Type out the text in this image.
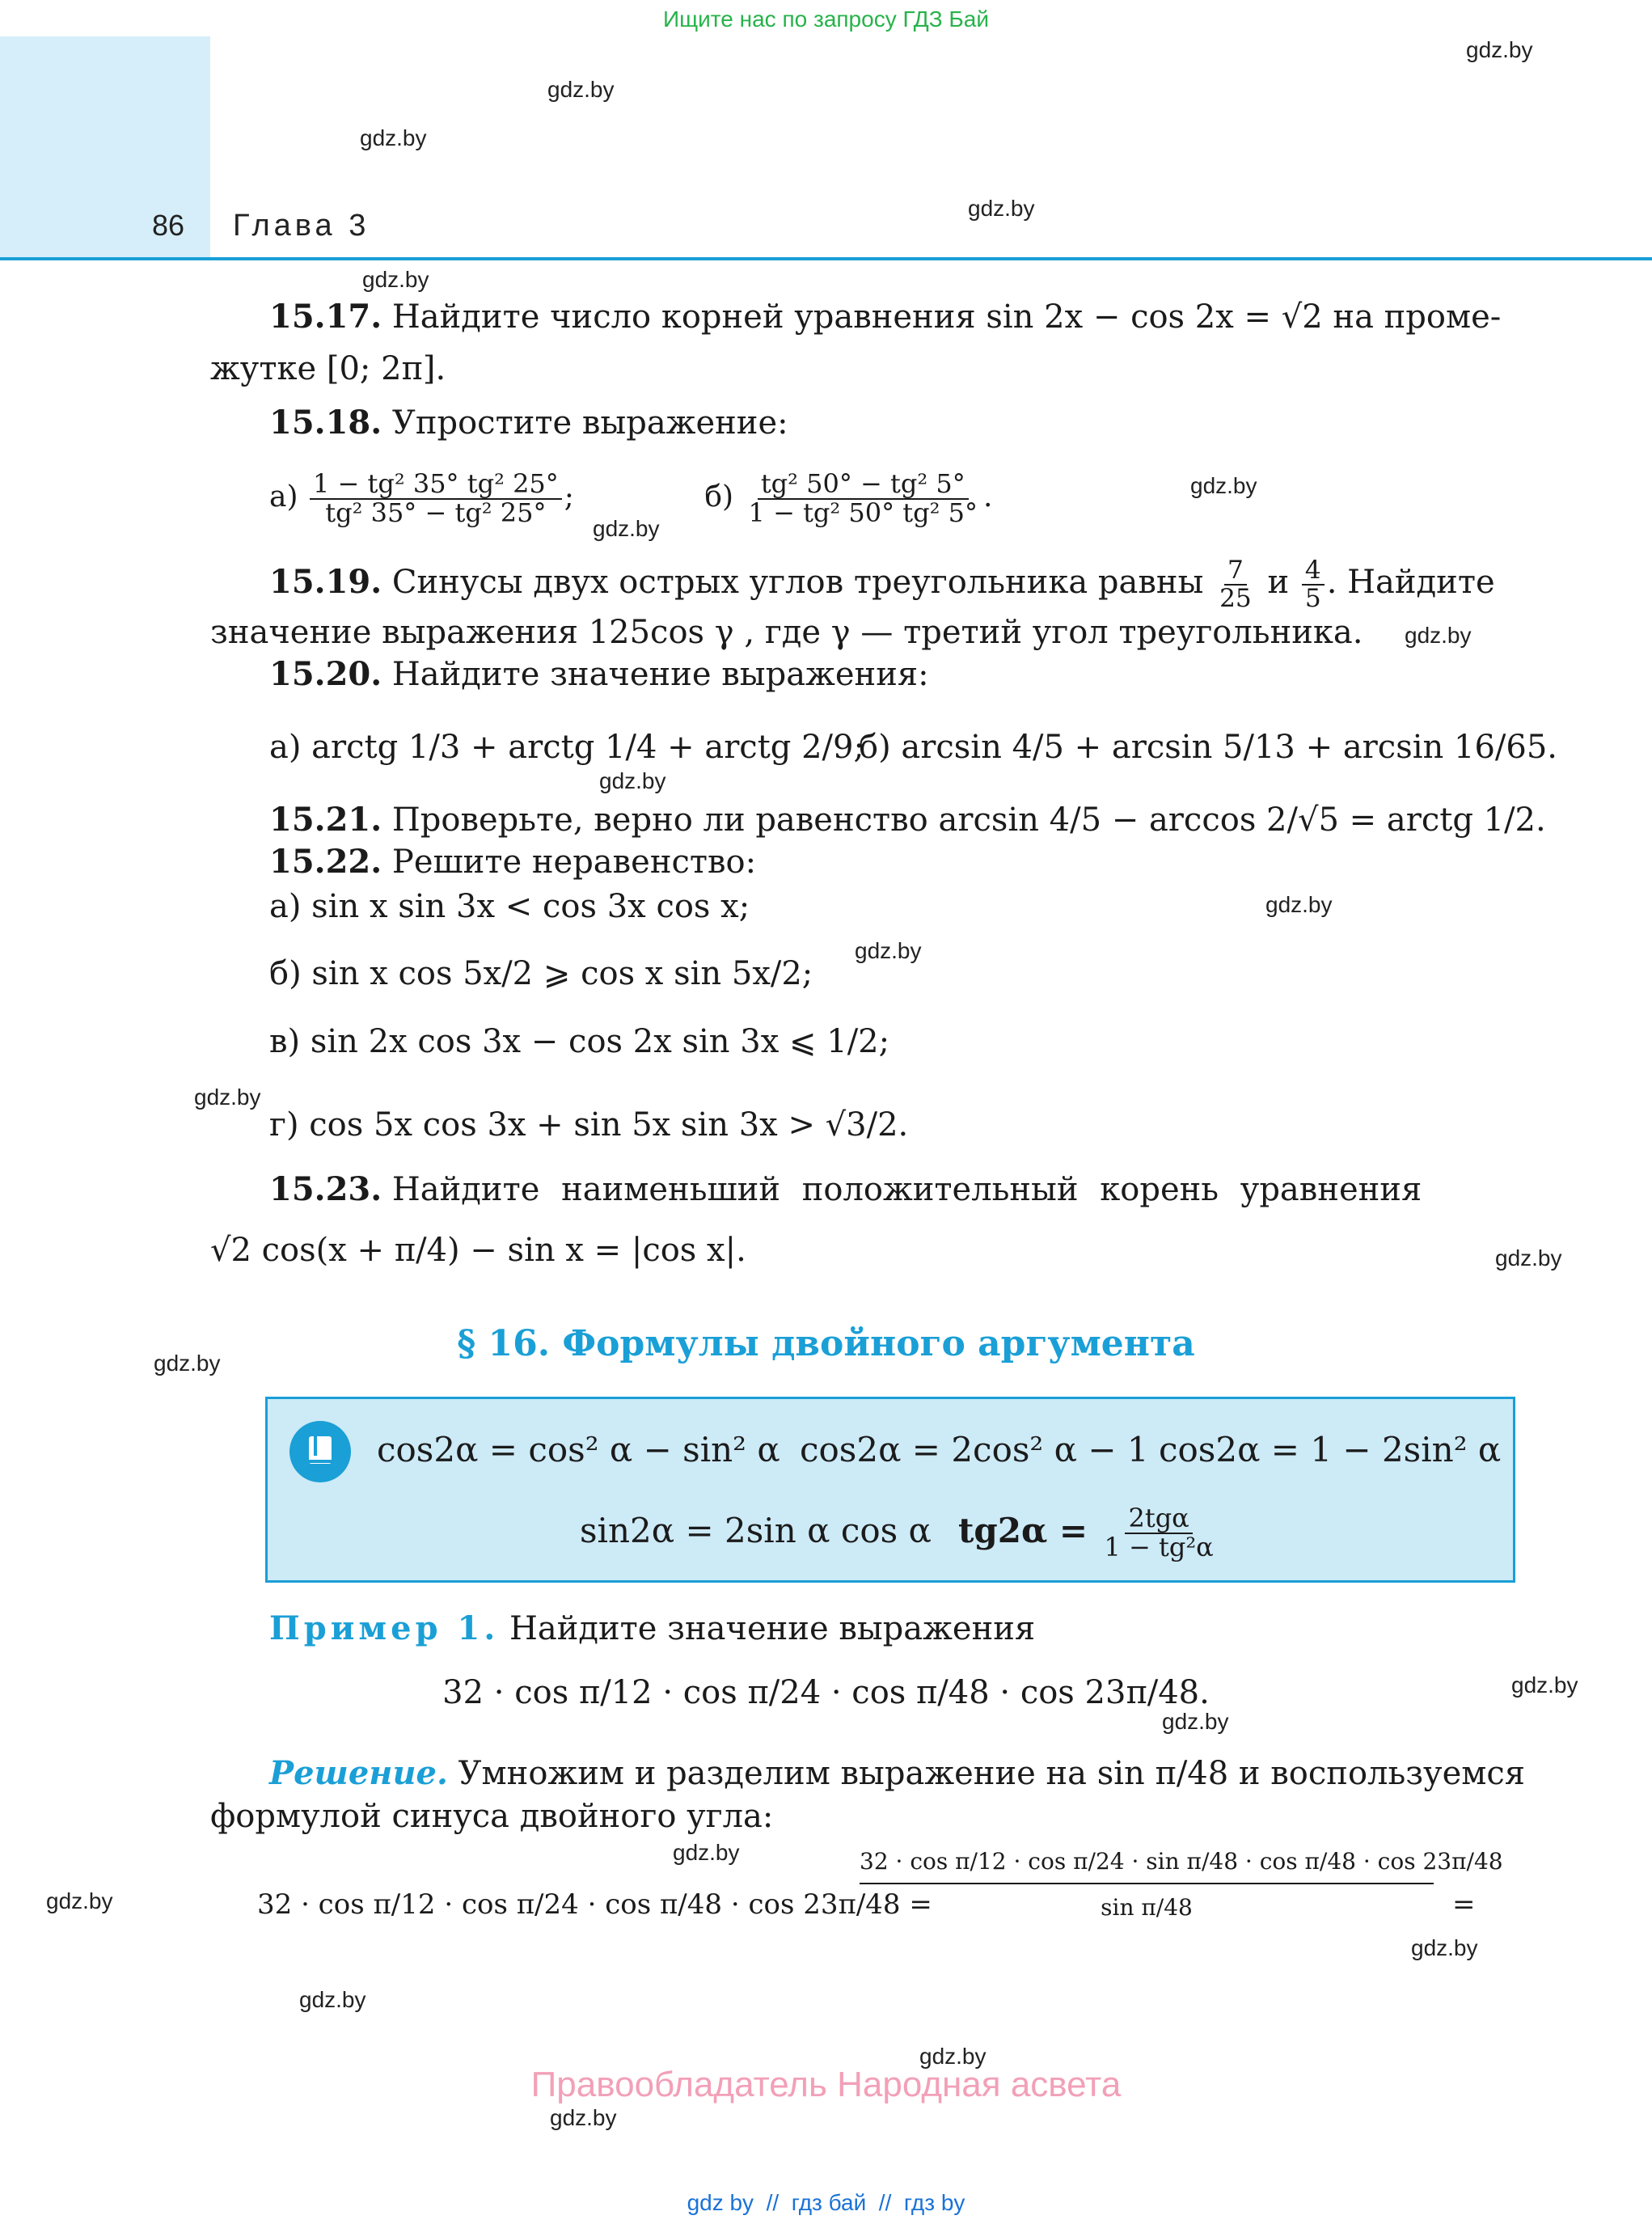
Ищите нас по запросу ГДЗ Бай
86 Глава 3
gdz.by
gdz.by
gdz.by
gdz.by
gdz.by
gdz.by
gdz.by
gdz.by
gdz.by
gdz.by
gdz.by
gdz.by
gdz.by
gdz.by
gdz.by
gdz.by
gdz.by
gdz.by
gdz.by
gdz.by
gdz.by
gdz.by
15.17. Найдите число корней уравнения sin 2x − cos 2x = √2 на проме-
жутке [0; 2π].
15.18. Упростите выражение:
$а) \frac{\text{1 − tg² 35° tg² 25°}}{\text{tg² 35° − tg² 25°}}$ ;	$б) \frac{\text{tg² 50° − tg² 5°}}{\text{1 − tg² 50° tg² 5°}}$ .
15.19. Синусы двух острых углов треугольника равны $\frac{7}{25}$ и $\frac{4}{5}$ . Найдите
значение выражения 125cos γ , где γ — третий угол треугольника.
15.20. Найдите значение выражения:
а) arctg 1/3 + arctg 1/4 + arctg 2/9;
б) arcsin 4/5 + arcsin 5/13 + arcsin 16/65.
15.21. Проверьте, верно ли равенство arcsin 4/5 − arccos 2/√5 = arctg 1/2.
15.22. Решите неравенство:
а) sin x sin 3x < cos 3x cos x;
б) sin x cos 5x/2 ⩾ cos x sin 5x/2;
в) sin 2x cos 3x − cos 2x sin 3x ⩽ 1/2;
г) cos 5x cos 3x + sin 5x sin 3x > √3/2.
15.23. Найдите наименьший положительный корень уравнения
√2 cos(x + π/4) − sin x = |cos x|.
§ 16. Формулы двойного аргумента
cos2α = cos² α − sin² α cos2α = 2cos² α − 1 cos2α = 1 − 2sin² α
sin2α = 2sin α cos α $tg2\alpha = \frac{\text{2tgα}}{\text{1 − tg²α}}$
Пример 1. Найдите значение выражения
32 · cos π/12 · cos π/24 · cos π/48 · cos 23π/48.
Решение. Умножим и разделим выражение на sin π/48 и воспользуемся
формулой синуса двойного угла:
32 · cos π/12 · cos π/24 · cos π/48 · cos 23π/48 =
$\frac{\text{32 · cos π/12 · cos π/24 · sin π/48 · cos π/48 · cos 23π/48}}{\text{sin π/48}}$ =
Правообладатель Народная асвета
gdz by  //  гдз бай  //  гдз by
